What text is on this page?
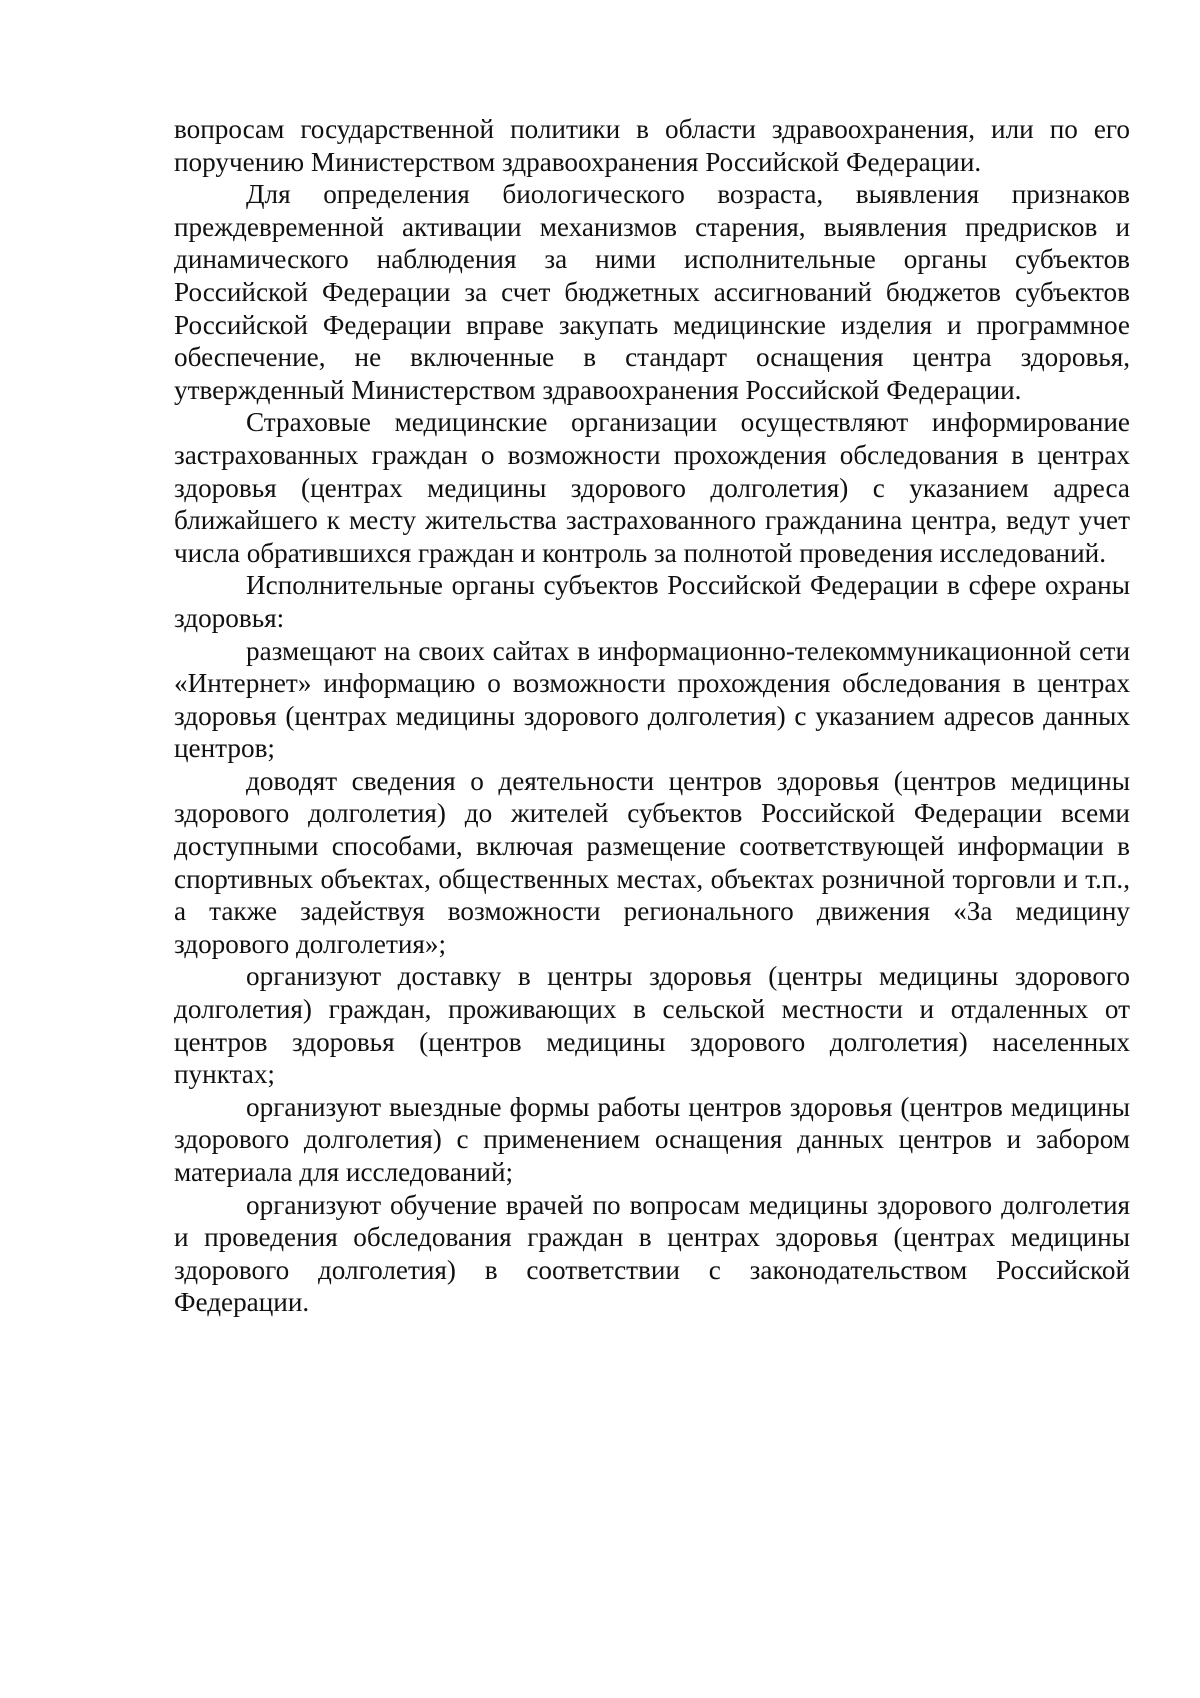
вопросам государственной политики в области здравоохранения, или по его поручению Министерством здравоохранения Российской Федерации.

Для определения биологического возраста, выявления признаков преждевременной активации механизмов старения, выявления предрисков и динамического наблюдения за ними исполнительные органы субъектов Российской Федерации за счет бюджетных ассигнований бюджетов субъектов Российской Федерации вправе закупать медицинские изделия и программное обеспечение, не включенные в стандарт оснащения центра здоровья, утвержденный Министерством здравоохранения Российской Федерации.

Страховые медицинские организации осуществляют информирование застрахованных граждан о возможности прохождения обследования в центрах здоровья (центрах медицины здорового долголетия) с указанием адреса ближайшего к месту жительства застрахованного гражданина центра, ведут учет числа обратившихся граждан и контроль за полнотой проведения исследований.

Исполнительные органы субъектов Российской Федерации в сфере охраны здоровья:

размещают на своих сайтах в информационно-телекоммуникационной сети «Интернет» информацию о возможности прохождения обследования в центрах здоровья (центрах медицины здорового долголетия) с указанием адресов данных центров;

доводят сведения о деятельности центров здоровья (центров медицины здорового долголетия) до жителей субъектов Российской Федерации всеми доступными способами, включая размещение соответствующей информации в спортивных объектах, общественных местах, объектах розничной торговли и т.п., а также задействуя возможности регионального движения «За медицину здорового долголетия»;

организуют доставку в центры здоровья (центры медицины здорового долголетия) граждан, проживающих в сельской местности и отдаленных от центров здоровья (центров медицины здорового долголетия) населенных пунктах;

организуют выездные формы работы центров здоровья (центров медицины здорового долголетия) с применением оснащения данных центров и забором материала для исследований;

организуют обучение врачей по вопросам медицины здорового долголетия и проведения обследования граждан в центрах здоровья (центрах медицины здорового долголетия) в соответствии с законодательством Российской Федерации.
